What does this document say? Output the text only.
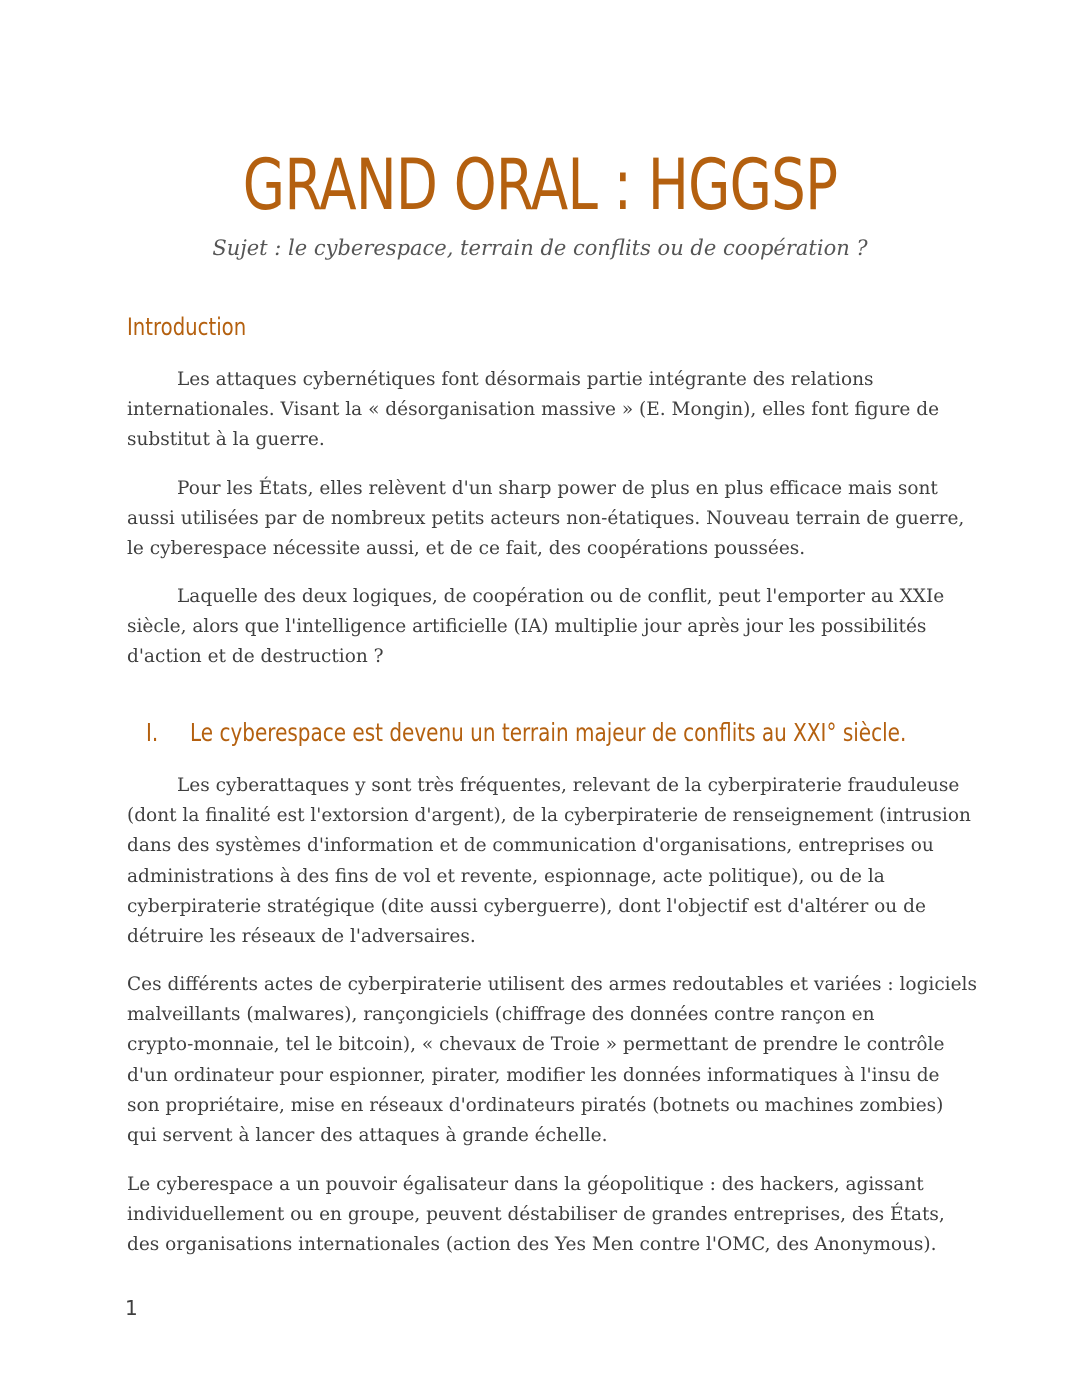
GRAND ORAL : HGGSP
Sujet : le cyberespace, terrain de conflits ou de coopération ?
Introduction

Les attaques cybernétiques font désormais partie intégrante des relations
internationales. Visant la « désorganisation massive » (E. Mongin), elles font figure de
substitut à la guerre.

Pour les États, elles relèvent d'un sharp power de plus en plus efficace mais sont
aussi utilisées par de nombreux petits acteurs non-étatiques. Nouveau terrain de guerre,
le cyberespace nécessite aussi, et de ce fait, des coopérations poussées.

Laquelle des deux logiques, de coopération ou de conflit, peut l'emporter au XXIe
siècle, alors que l'intelligence artificielle (IA) multiplie jour après jour les possibilités
d'action et de destruction ?

I. Le cyberespace est devenu un terrain majeur de conflits au XXI° siècle.

Les cyberattaques y sont très fréquentes, relevant de la cyberpiraterie frauduleuse
(dont la finalité est l'extorsion d'argent), de la cyberpiraterie de renseignement (intrusion
dans des systèmes d'information et de communication d'organisations, entreprises ou
administrations à des fins de vol et revente, espionnage, acte politique), ou de la
cyberpiraterie stratégique (dite aussi cyberguerre), dont l'objectif est d'altérer ou de
détruire les réseaux de l'adversaires.

Ces différents actes de cyberpiraterie utilisent des armes redoutables et variées : logiciels
malveillants (malwares), rançongiciels (chiffrage des données contre rançon en
crypto-monnaie, tel le bitcoin), « chevaux de Troie » permettant de prendre le contrôle
d'un ordinateur pour espionner, pirater, modifier les données informatiques à l'insu de
son propriétaire, mise en réseaux d'ordinateurs piratés (botnets ou machines zombies)
qui servent à lancer des attaques à grande échelle.

Le cyberespace a un pouvoir égalisateur dans la géopolitique : des hackers, agissant
individuellement ou en groupe, peuvent déstabiliser de grandes entreprises, des États,
des organisations internationales (action des Yes Men contre l'OMC, des Anonymous).

1
